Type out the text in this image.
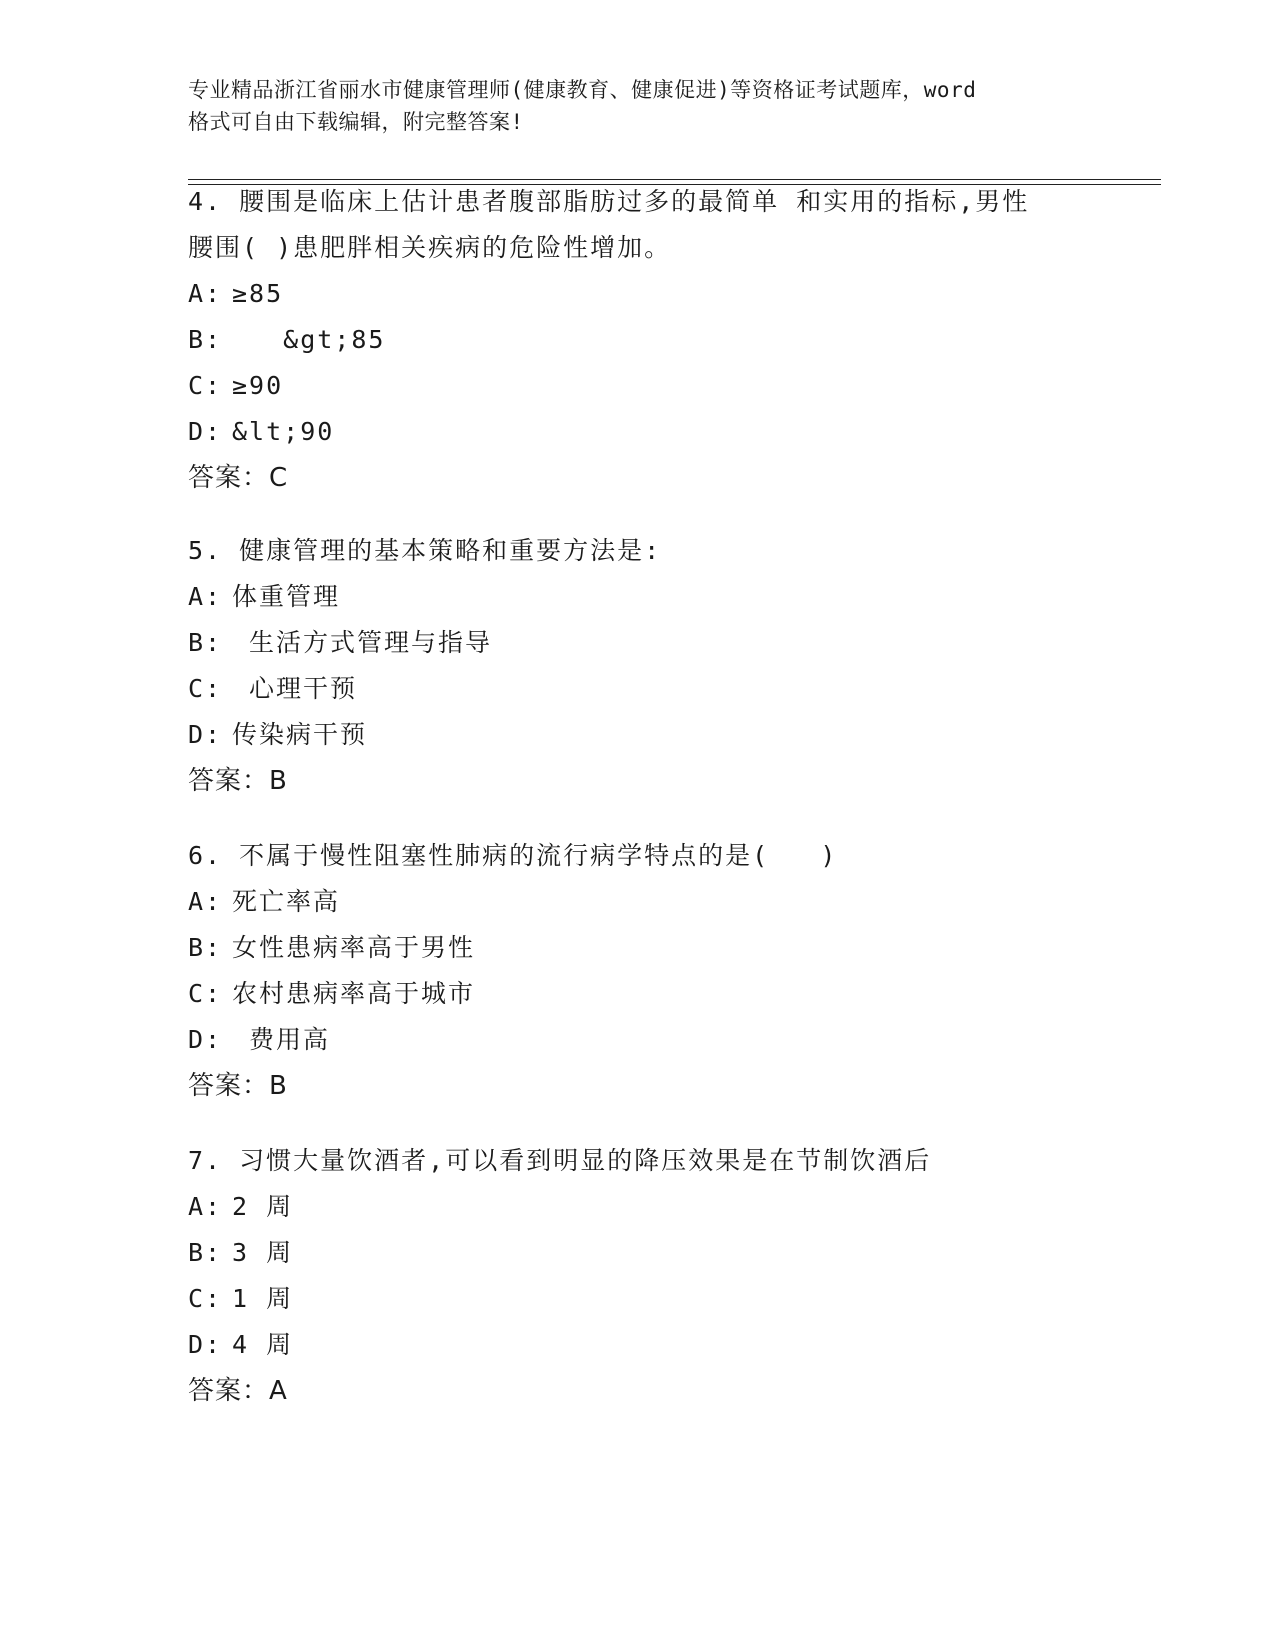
专业精品浙江省丽水市健康管理师(健康教育、健康促进)等资格证考试题库，word
格式可自由下载编辑，附完整答案!
4. 腰围是临床上估计患者腹部脂肪过多的最简单 和实用的指标,男性
腰围( )患肥胖相关疾病的危险性增加。
A: ≥85
B:   &gt;85
C: ≥90
D: &lt;90
答案：C
5. 健康管理的基本策略和重要方法是:
A: 体重管理
B: 生活方式管理与指导
C: 心理干预
D: 传染病干预
答案：B
6. 不属于慢性阻塞性肺病的流行病学特点的是(   )
A: 死亡率高
B: 女性患病率高于男性
C: 农村患病率高于城市
D: 费用高
答案：B
7. 习惯大量饮酒者,可以看到明显的降压效果是在节制饮酒后
A: 2 周
B: 3 周
C: 1 周
D: 4 周
答案：A
